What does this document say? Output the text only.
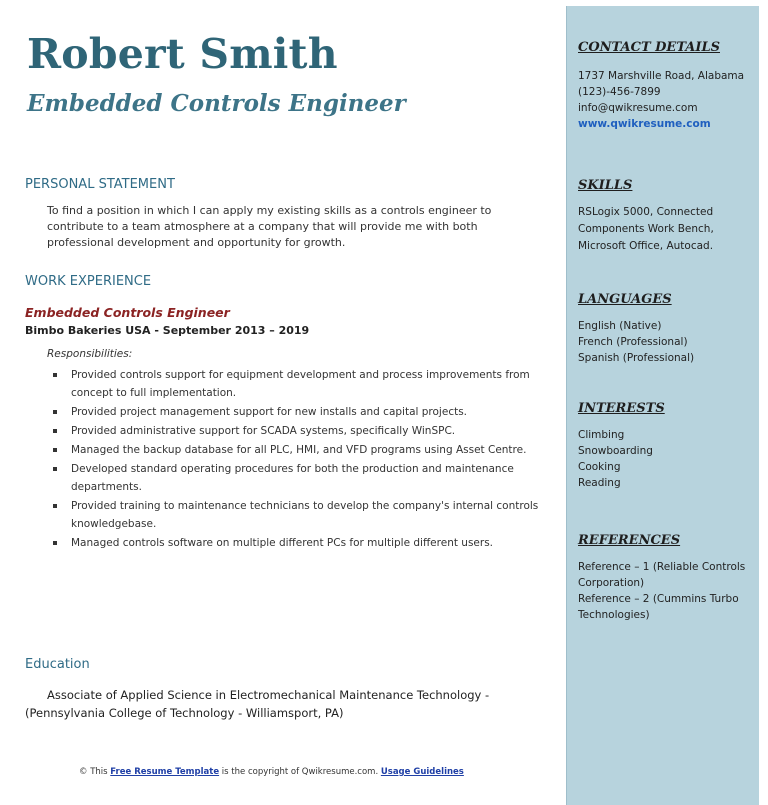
Robert Smith
Embedded Controls Engineer
PERSONAL STATEMENT

To find a position in which I can apply my existing skills as a controls engineer to contribute to a team atmosphere at a company that will provide me with both professional development and opportunity for growth.

WORK EXPERIENCE
Embedded Controls Engineer
Bimbo Bakeries USA - September 2013 – 2019
Responsibilities:
Provided controls support for equipment development and process improvements from concept to full implementation.
Provided project management support for new installs and capital projects.
Provided administrative support for SCADA systems, specifically WinSPC.
Managed the backup database for all PLC, HMI, and VFD programs using Asset Centre.
Developed standard operating procedures for both the production and maintenance departments.
Provided training to maintenance technicians to develop the company's internal controls knowledgebase.
Managed controls software on multiple different PCs for multiple different users.
Education
Associate of Applied Science in Electromechanical Maintenance Technology - (Pennsylvania College of Technology - Williamsport, PA)
© This Free Resume Template is the copyright of Qwikresume.com. Usage Guidelines
CONTACT DETAILS
1737 Marshville Road, Alabama
(123)-456-7899
info@qwikresume.com
www.qwikresume.com
SKILLS
RSLogix 5000, Connected Components Work Bench, Microsoft Office, Autocad.
LANGUAGES
English (Native)
French (Professional)
Spanish (Professional)
INTERESTS
Climbing
Snowboarding
Cooking
Reading
REFERENCES
Reference – 1 (Reliable Controls Corporation)
Reference – 2 (Cummins Turbo Technologies)
